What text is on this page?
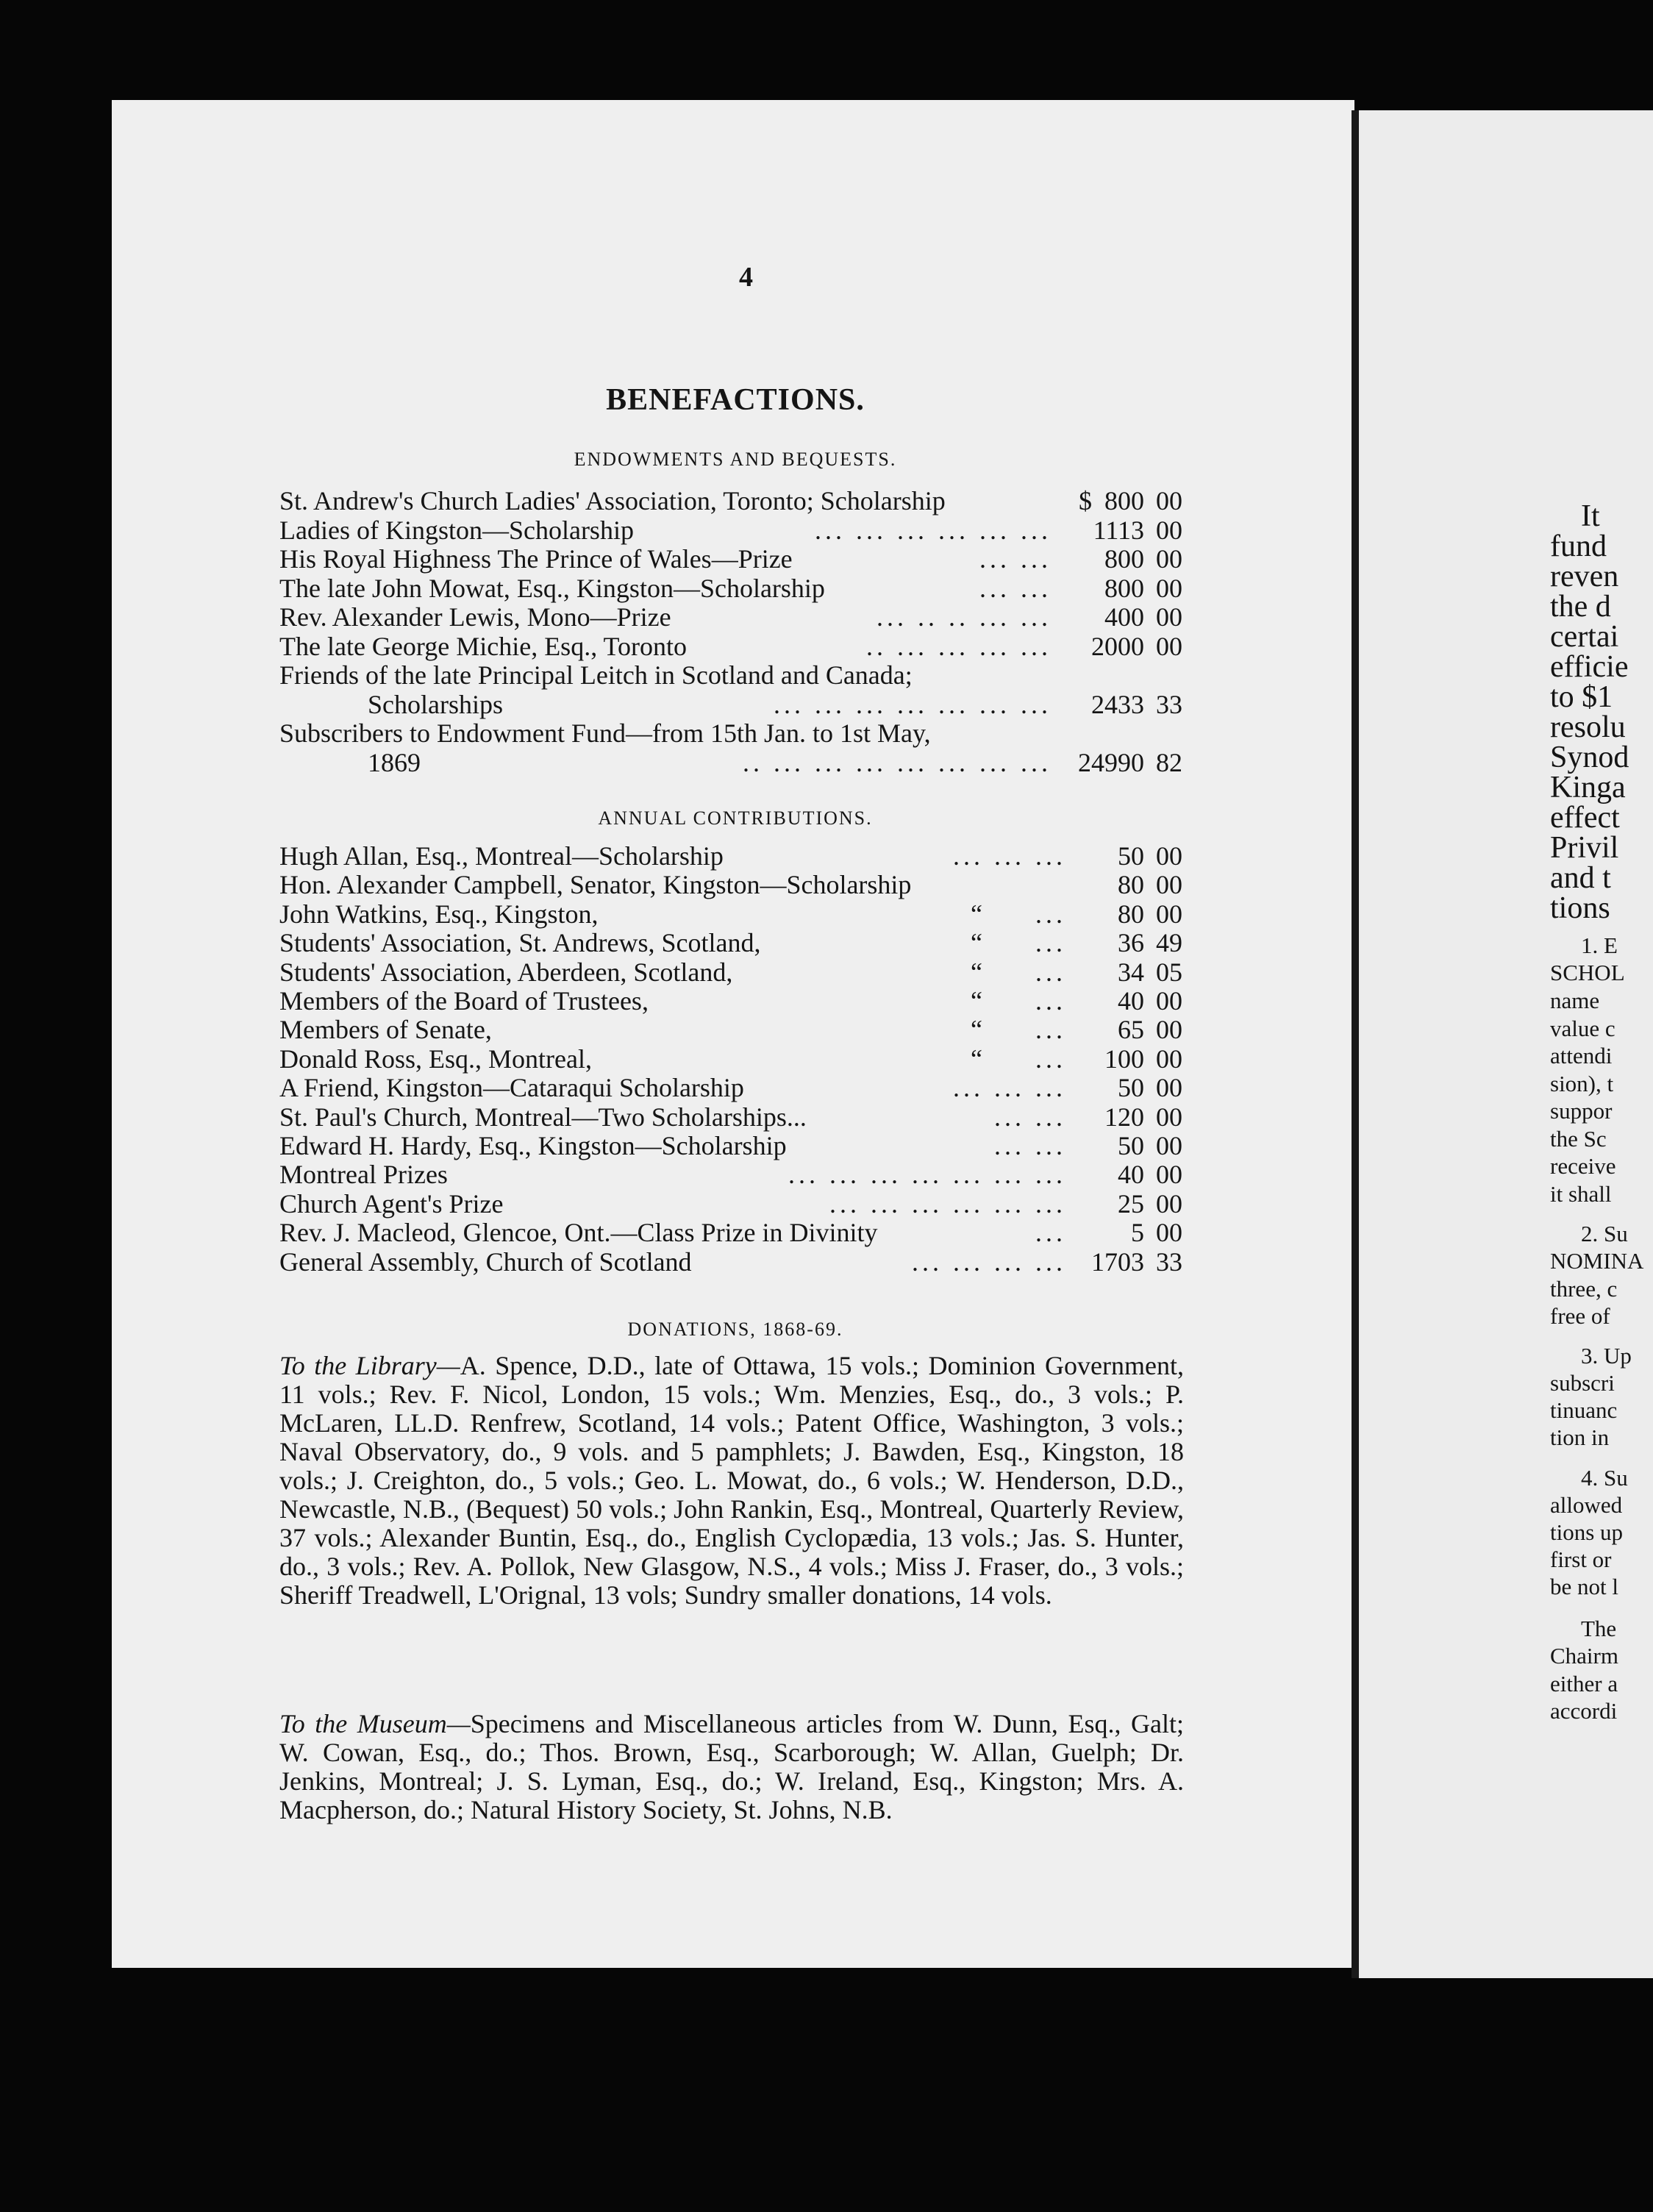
4
BENEFACTIONS.
ENDOWMENTS AND BEQUESTS.
St. Andrew's Church Ladies' Association, Toronto; Scholarship	$ 800 00
Ladies of Kingston—Scholarship	... ... ... ... ... ... 1113 00
His Royal Highness The Prince of Wales—Prize	... ... 800 00
The late John Mowat, Esq., Kingston—Scholarship	... ... 800 00
Rev. Alexander Lewis, Mono—Prize	... .. .. ... ... 400 00
The late George Michie, Esq., Toronto	.. ... ... ... ... 2000 00
Friends of the late Principal Leitch in Scotland and Canada;
Scholarships	... ... ... ... ... ... ... 2433 33
Subscribers to Endowment Fund—from 15th Jan. to 1st May,
1869	.. ... ... ... ... ... ... ... 24990 82
ANNUAL CONTRIBUTIONS.
Hugh Allan, Esq., Montreal—Scholarship	... ... ... 50 00
Hon. Alexander Campbell, Senator, Kingston—Scholarship	80 00
John Watkins, Esq., Kingston,	“ ... 80 00
Students' Association, St. Andrews, Scotland,	“ ... 36 49
Students' Association, Aberdeen, Scotland,	“ ... 34 05
Members of the Board of Trustees,	“ ... 40 00
Members of Senate,	“ ... 65 00
Donald Ross, Esq., Montreal,	“ ... 100 00
A Friend, Kingston—Cataraqui Scholarship	... ... ... 50 00
St. Paul's Church, Montreal—Two Scholarships...	... ... 120 00
Edward H. Hardy, Esq., Kingston—Scholarship	... ... 50 00
Montreal Prizes	... ... ... ... ... ... ... 40 00
Church Agent's Prize	... ... ... ... ... ... 25 00
Rev. J. Macleod, Glencoe, Ont.—Class Prize in Divinity	... 5 00
General Assembly, Church of Scotland	... ... ... ... 1703 33
DONATIONS, 1868-69.
To the Library—A. Spence, D.D., late of Ottawa, 15 vols.; Dominion Government, 11 vols.; Rev. F. Nicol, London, 15 vols.; Wm. Menzies, Esq., do., 3 vols.; P. McLaren, LL.D. Renfrew, Scotland, 14 vols.; Patent Office, Washington, 3 vols.; Naval Observatory, do., 9 vols. and 5 pamphlets; J. Bawden, Esq., Kingston, 18 vols.; J. Creighton, do., 5 vols.; Geo. L. Mowat, do., 6 vols.; W. Henderson, D.D., Newcastle, N.B., (Bequest) 50 vols.; John Rankin, Esq., Montreal, Quarterly Review, 37 vols.; Alexander Buntin, Esq., do., English Cyclopædia, 13 vols.; Jas. S. Hunter, do., 3 vols.; Rev. A. Pollok, New Glasgow, N.S., 4 vols.; Miss J. Fraser, do., 3 vols.; Sheriff Treadwell, L'Orignal, 13 vols; Sundry smaller donations, 14 vols.
To the Museum—Specimens and Miscellaneous articles from W. Dunn, Esq., Galt; W. Cowan, Esq., do.; Thos. Brown, Esq., Scarborough; W. Allan, Guelph; Dr. Jenkins, Montreal; J. S. Lyman, Esq., do.; W. Ireland, Esq., Kingston; Mrs. A. Macpherson, do.; Natural History Society, St. Johns, N.B.
It
fund
reven
the d
certai
efficie
to $1
resolu
Synod
Kinga
effect
Privil
and t
tions
1. E
SCHOL
name
value c
attendi
sion), t
suppor
the Sc
receive
it shall
2. Su
NOMINA
three, c
free of
3. Up
subscri
tinuanc
tion in
4. Su
allowed
tions up
first or
be not l
The
Chairm
either a
accordi
